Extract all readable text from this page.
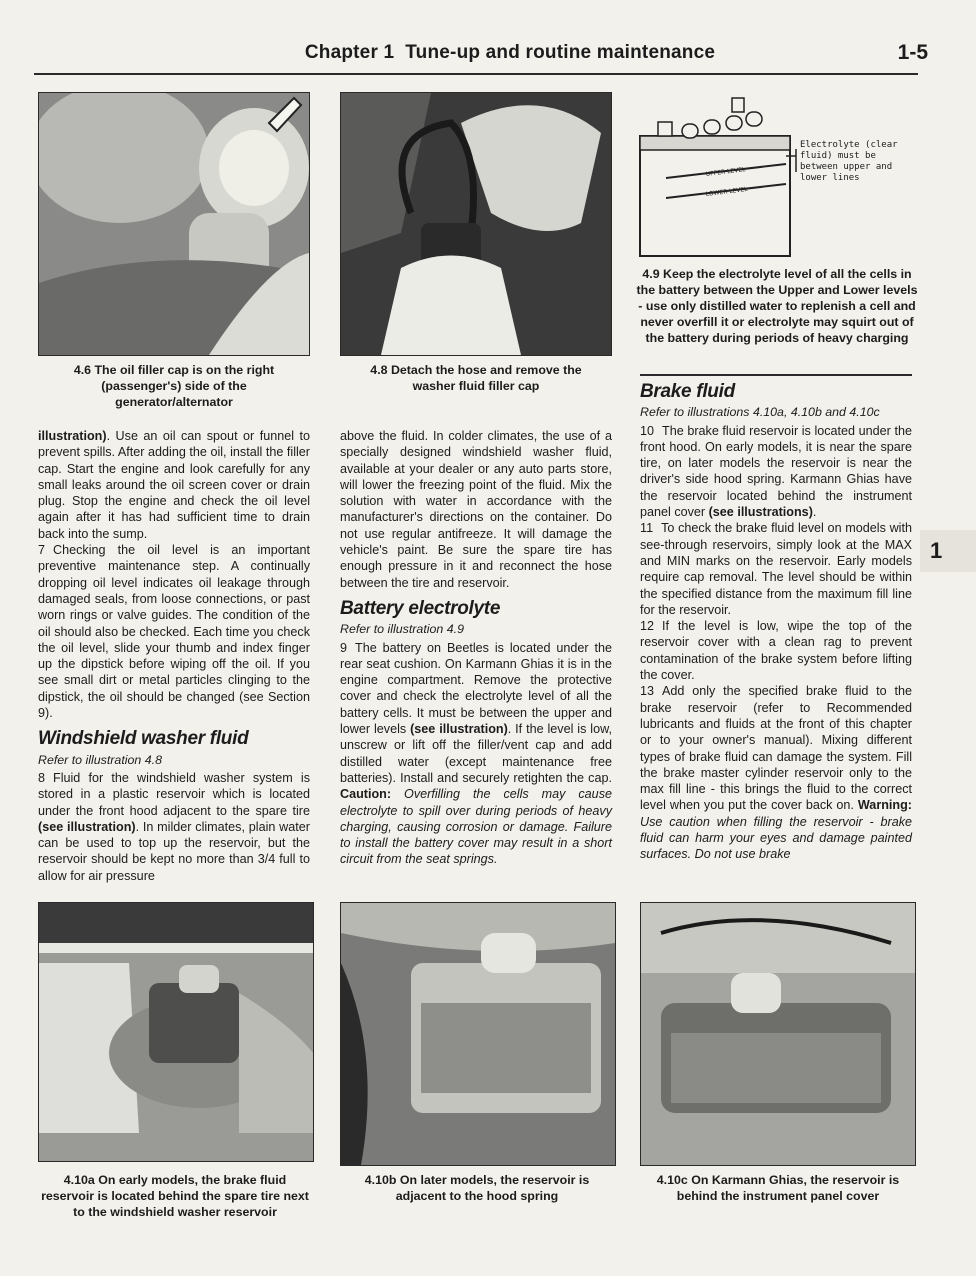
Chapter 1 Tune-up and routine maintenance	1-5
4.6 The oil filler cap is on the right (passenger's) side of the generator/alternator
4.8 Detach the hose and remove the washer fluid filler cap
UPPER LEVEL
LOWER LEVEL
Electrolyte (clear fluid) must be between upper and lower lines
4.9 Keep the electrolyte level of all the cells in the battery between the Upper and Lower levels - use only distilled water to replenish a cell and never overfill it or electrolyte may squirt out of the battery during periods of heavy charging

illustration). Use an oil can spout or funnel to prevent spills. After adding the oil, install the filler cap. Start the engine and look carefully for any small leaks around the oil screen cover or drain plug. Stop the engine and check the oil level again after it has had sufficient time to drain back into the sump.

7 Checking the oil level is an important preventive maintenance step. A continually dropping oil level indicates oil leakage through damaged seals, from loose connections, or past worn rings or valve guides. The condition of the oil should also be checked. Each time you check the oil level, slide your thumb and index finger up the dipstick before wiping off the oil. If you see small dirt or metal particles clinging to the dipstick, the oil should be changed (see Section 9).

Windshield washer fluid
Refer to illustration 4.8

8 Fluid for the windshield washer system is stored in a plastic reservoir which is located under the front hood adjacent to the spare tire (see illustration). In milder climates, plain water can be used to top up the reservoir, but the reservoir should be kept no more than 3/4 full to allow for air pressure

above the fluid. In colder climates, the use of a specially designed windshield washer fluid, available at your dealer or any auto parts store, will lower the freezing point of the fluid. Mix the solution with water in accordance with the manufacturer's directions on the container. Do not use regular antifreeze. It will damage the vehicle's paint. Be sure the spare tire has enough pressure in it and reconnect the hose between the tire and reservoir.

Battery electrolyte
Refer to illustration 4.9

9 The battery on Beetles is located under the rear seat cushion. On Karmann Ghias it is in the engine compartment. Remove the protective cover and check the electrolyte level of all the battery cells. It must be between the upper and lower levels (see illustration). If the level is low, unscrew or lift off the filler/vent cap and add distilled water (except maintenance free batteries). Install and securely retighten the cap. Caution: Overfilling the cells may cause electrolyte to spill over during periods of heavy charging, causing corrosion or damage. Failure to install the battery cover may result in a short circuit from the seat springs.

Brake fluid
Refer to illustrations 4.10a, 4.10b and 4.10c

10 The brake fluid reservoir is located under the front hood. On early models, it is near the spare tire, on later models the reservoir is near the driver's side hood spring. Karmann Ghias have the reservoir located behind the instrument panel cover (see illustrations).

11 To check the brake fluid level on models with see-through reservoirs, simply look at the MAX and MIN marks on the reservoir. Early models require cap removal. The level should be within the specified distance from the maximum fill line for the reservoir.

12 If the level is low, wipe the top of the reservoir cover with a clean rag to prevent contamination of the brake system before lifting the cover.

13 Add only the specified brake fluid to the brake reservoir (refer to Recommended lubricants and fluids at the front of this chapter or to your owner's manual). Mixing different types of brake fluid can damage the system. Fill the brake master cylinder reservoir only to the max fill line - this brings the fluid to the correct level when you put the cover back on. Warning: Use caution when filling the reservoir - brake fluid can harm your eyes and damage painted surfaces. Do not use brake

1
4.10a On early models, the brake fluid reservoir is located behind the spare tire next to the windshield washer reservoir
4.10b On later models, the reservoir is adjacent to the hood spring
4.10c On Karmann Ghias, the reservoir is behind the instrument panel cover
